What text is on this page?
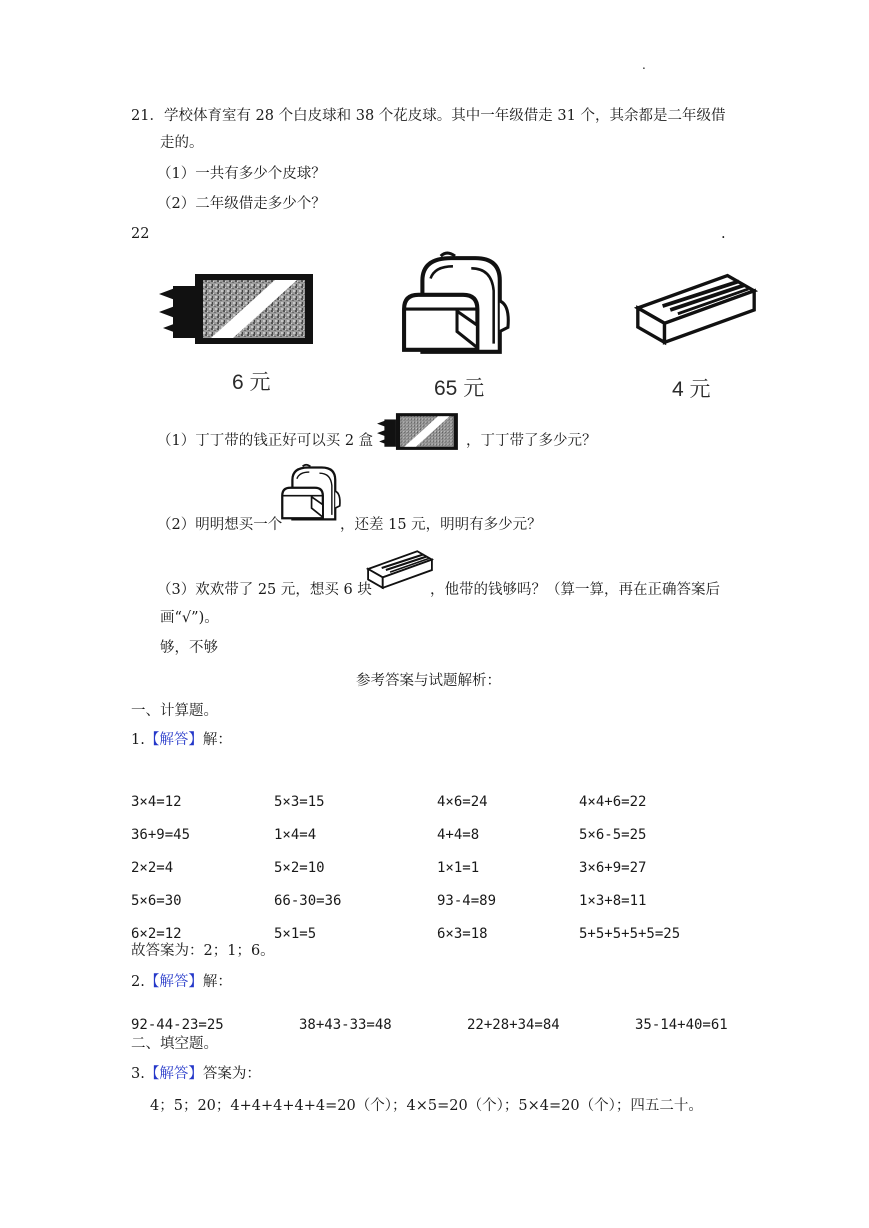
.
21．学校体育室有 28 个白皮球和 38 个花皮球。其中一年级借走 31 个，其余都是二年级借
走的。
（1）一共有多少个皮球？
（2）二年级借走多少个？
22	.
6 元	65 元	4 元
（1）丁丁带的钱正好可以买 2 盒	，丁丁带了多少元？
（2）明明想买一个	，还差 15 元，明明有多少元？
（3）欢欢带了 25 元，想买 6 块	，他带的钱够吗？（算一算，再在正确答案后
画“√”)。
够，不够
参考答案与试题解析：
一、计算题。
1.【解答】解：
3×4=12	5×3=15	4×6=24	4×4+6=22
36+9=45	1×4=4	4+4=8	5×6-5=25
2×2=4	5×2=10	1×1=1	3×6+9=27
5×6=30	66-30=36	93-4=89	1×3+8=11
6×2=12	5×1=5	6×3=18	5+5+5+5+5=25
故答案为：2；1；6。
2.【解答】解：
92-44-23=25	38+43-33=48	22+28+34=84	35-14+40=61
二、填空题。
3.【解答】答案为：
4；5；20；4+4+4+4+4=20（个）；4×5=20（个）；5×4=20（个）；四五二十。
